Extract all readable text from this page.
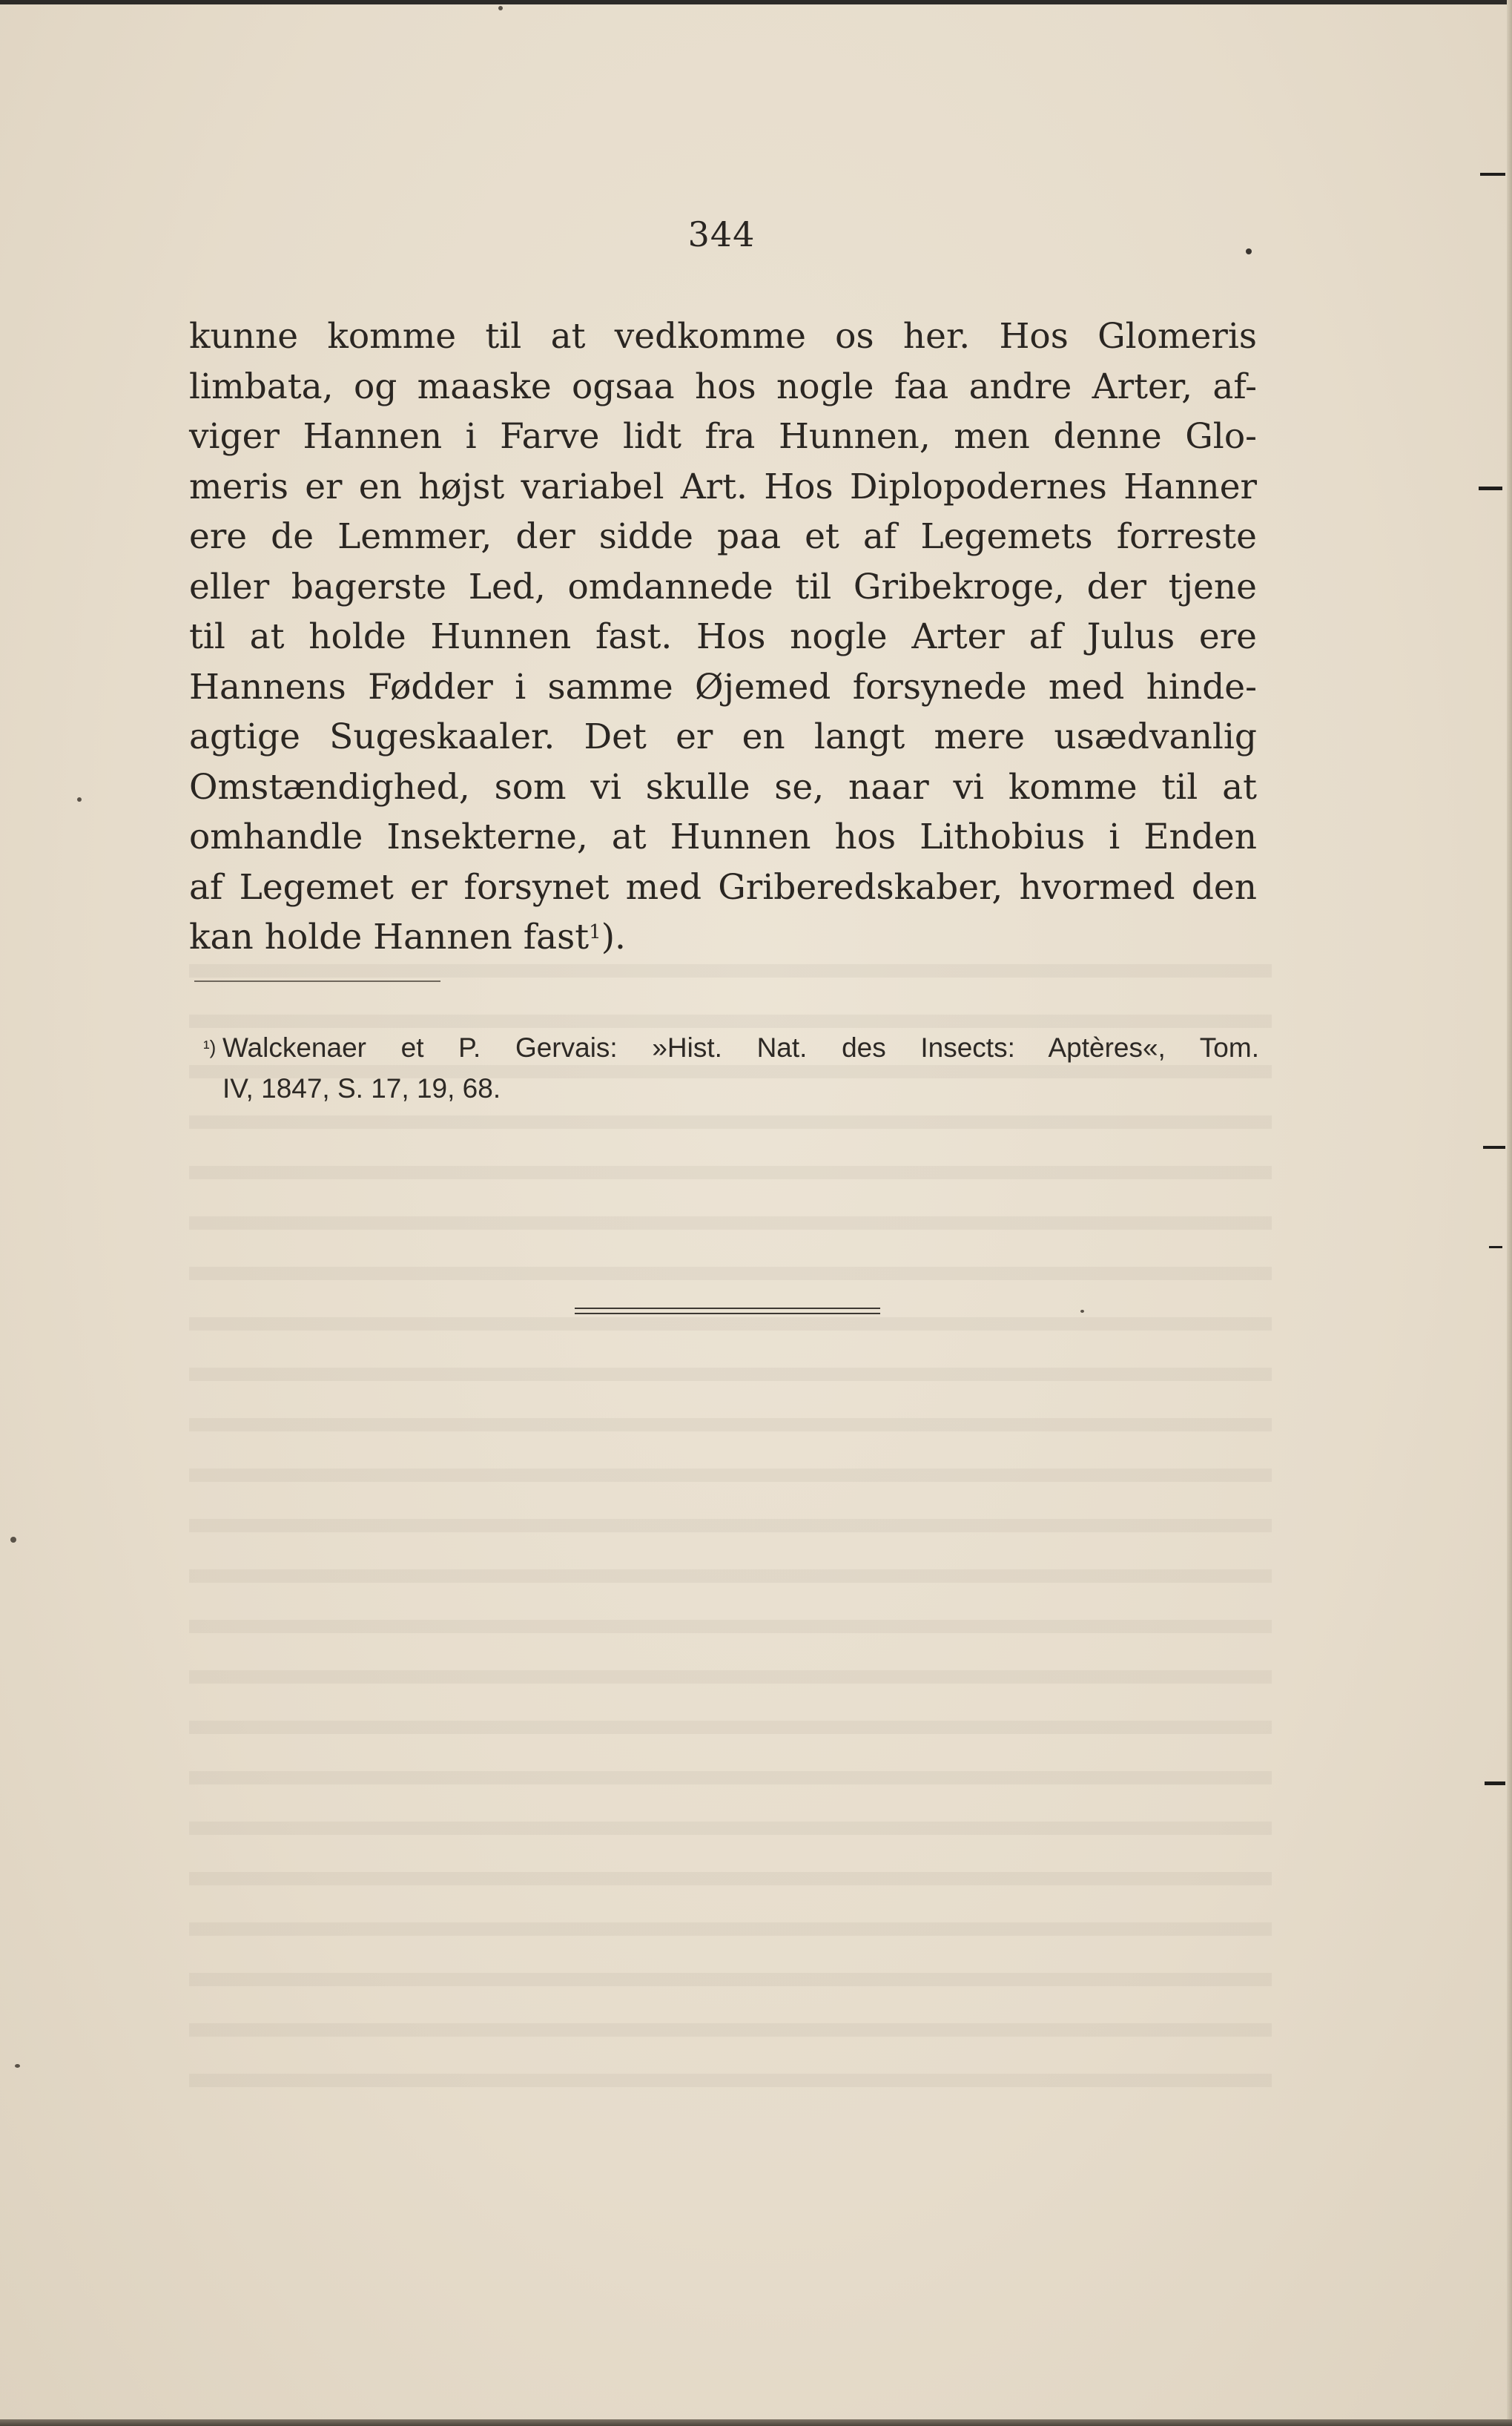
344
kunne komme til at vedkomme os her. Hos Glomeris
limbata, og maaske ogsaa hos nogle faa andre Arter, af-
viger Hannen i Farve lidt fra Hunnen, men denne Glo-
meris er en højst variabel Art. Hos Diplopodernes Hanner
ere de Lemmer, der sidde paa et af Legemets forreste
eller bagerste Led, omdannede til Gribekroge, der tjene
til at holde Hunnen fast. Hos nogle Arter af Julus ere
Hannens Fødder i samme Øjemed forsynede med hinde-
agtige Sugeskaaler. Det er en langt mere usædvanlig
Omstændighed, som vi skulle se, naar vi komme til at
omhandle Insekterne, at Hunnen hos Lithobius i Enden
af Legemet er forsynet med Griberedskaber, hvormed den
kan holde Hannen fast$^1$).
¹) Walckenaer et P. Gervais: »Hist. Nat. des Insects: Aptères«, Tom.
IV, 1847, S. 17, 19, 68.
